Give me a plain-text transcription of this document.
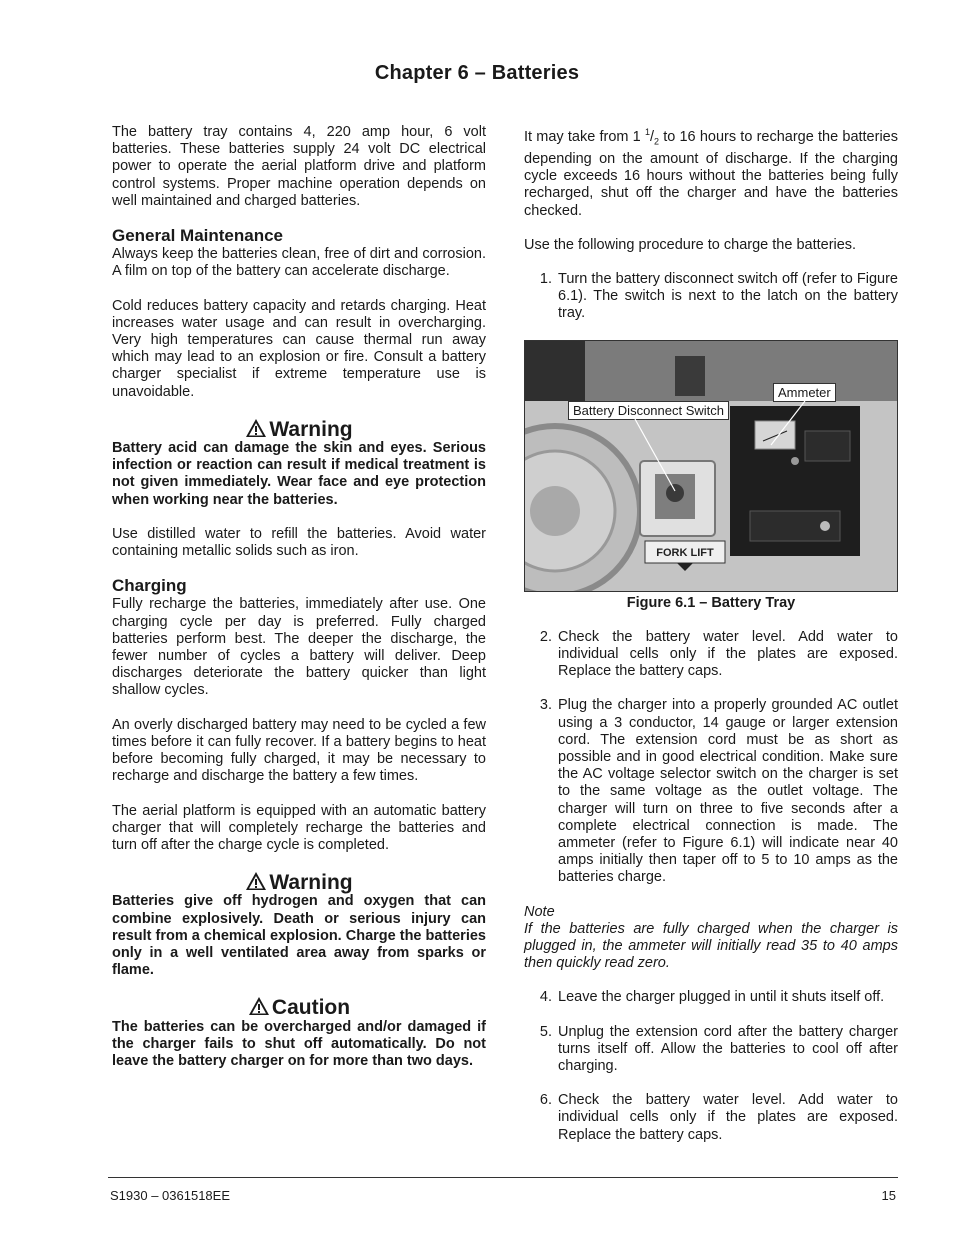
Chapter 6 – Batteries

The battery tray contains 4, 220 amp hour, 6 volt batteries. These batteries supply 24 volt DC electrical power to operate the aerial platform drive and platform control systems. Proper machine operation depends on well maintained and charged batteries.

General Maintenance

Always keep the batteries clean, free of dirt and corrosion. A film on top of the battery can accelerate discharge.

Cold reduces battery capacity and retards charging. Heat increases water usage and can result in overcharging. Very high temperatures can cause thermal run away which may lead to an explosion or fire. Consult a battery charger specialist if extreme temperature use is unavoidable.

Warning

Battery acid can damage the skin and eyes. Serious infection or reaction can result if medical treatment is not given immediately. Wear face and eye protection when working near the batteries.

Use distilled water to refill the batteries. Avoid water containing metallic solids such as iron.

Charging

Fully recharge the batteries, immediately after use. One charging cycle per day is preferred. Fully charged batteries perform best. The deeper the discharge, the fewer number of cycles a battery will deliver. Deep discharges deteriorate the battery quicker than light shallow cycles.

An overly discharged battery may need to be cycled a few times before it can fully recover. If a battery begins to heat before becoming fully charged, it may be necessary to recharge and discharge the battery a few times.

The aerial platform is equipped with an automatic battery charger that will completely recharge the batteries and turn off after the charge cycle is completed.

Warning

Batteries give off hydrogen and oxygen that can combine explosively. Death or serious injury can result from a chemical explosion. Charge the batteries only in a well ventilated area away from sparks or flame.

Caution

The batteries can be overcharged and/or damaged if the charger fails to shut off automatically. Do not leave the battery charger on for more than two days.

It may take from 1 $^1/_2$ to 16 hours to recharge the batteries depending on the amount of discharge. If the charging cycle exceeds 16 hours without the batteries being fully recharged, shut off the charger and have the batteries checked.

Use the following procedure to charge the batteries.

1. Turn the battery disconnect switch off (refer to Figure 6.1). The switch is next to the latch on the battery tray.
FORK LIFT
Battery Disconnect Switch
Ammeter
Figure 6.1 – Battery Tray
2. Check the battery water level. Add water to individual cells only if the plates are exposed. Replace the battery caps.
3. Plug the charger into a properly grounded AC outlet using a 3 conductor, 14 gauge or larger extension cord. The extension cord must be as short as possible and in good electrical condition. Make sure the AC voltage selector switch on the charger is set to the same voltage as the outlet voltage. The charger will turn on three to five seconds after a complete electrical connection is made. The ammeter (refer to Figure 6.1) will indicate near 40 amps initially then taper off to 5 to 10 amps as the batteries charge.
Note
If the batteries are fully charged when the charger is plugged in, the ammeter will initially read 35 to 40 amps then quickly read zero.
4. Leave the charger plugged in until it shuts itself off.
5. Unplug the extension cord after the battery charger turns itself off. Allow the batteries to cool off after charging.
6. Check the battery water level. Add water to individual cells only if the plates are exposed. Replace the battery caps.
S1930 – 0361518EE	15
